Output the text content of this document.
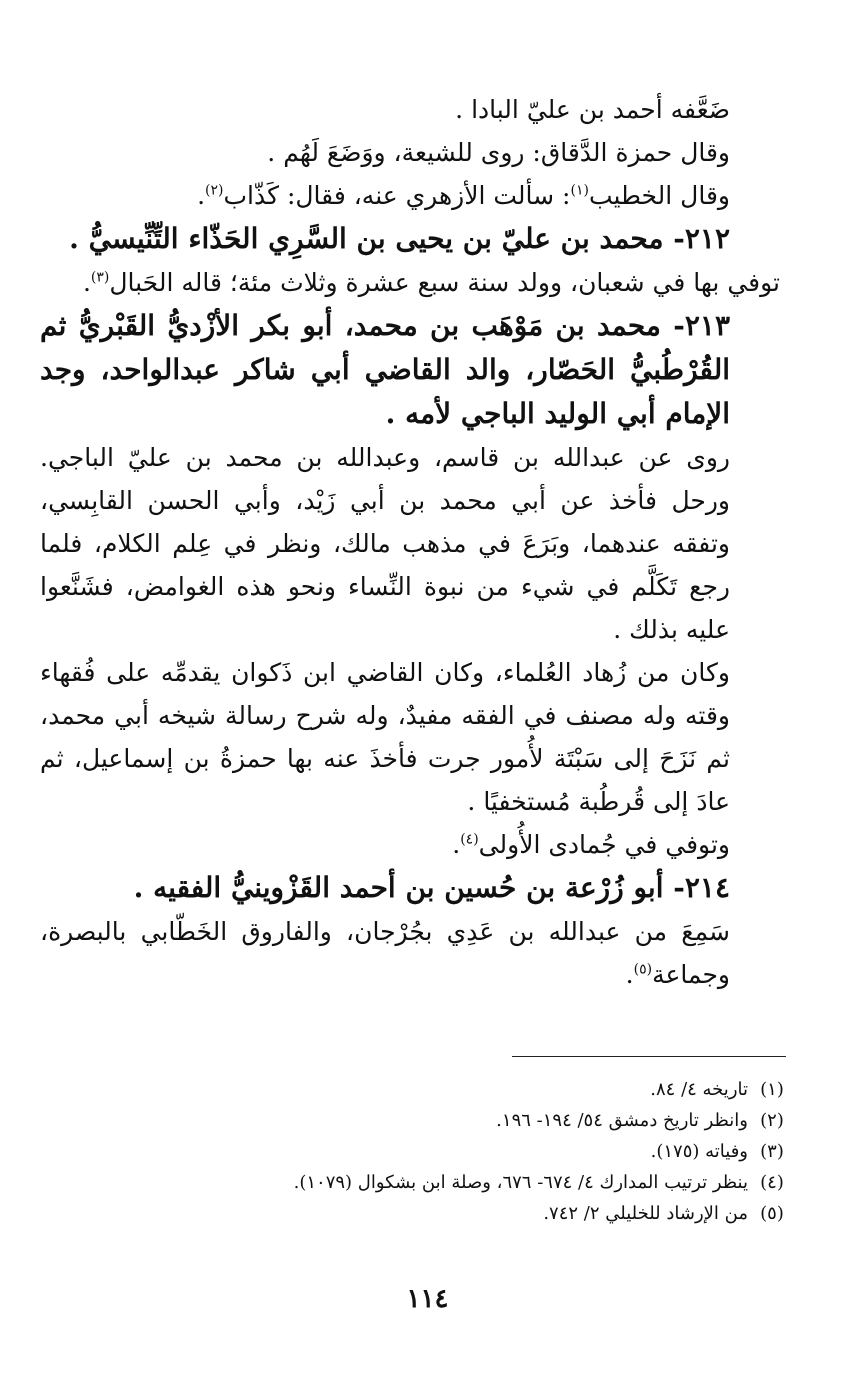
ضَعَّفه أحمد بن عليّ البادا .

وقال حمزة الدَّقاق: روى للشيعة، ووَضَعَ لَهُم .

وقال الخطيب$^{(١)}$: سألت الأزهري عنه، فقال: كَذّاب$^{(٢)}$.

٢١٢- محمد بن عليّ بن يحيى بن السَّرِي الحَذّاء التِّنِّيسيُّ .

توفي بها في شعبان، وولد سنة سبع عشرة وثلاث مئة؛ قاله الحَبال$^{(٣)}$.

٢١٣- محمد بن مَوْهَب بن محمد، أبو بكر الأزْديُّ القَبْريُّ ثم القُرْطُبيُّ الحَصّار، والد القاضي أبي شاكر عبدالواحد، وجد الإمام أبي الوليد الباجي لأمه .

روى عن عبدالله بن قاسم، وعبدالله بن محمد بن عليّ الباجي. ورحل فأخذ عن أبي محمد بن أبي زَيْد، وأبي الحسن القابِسي، وتفقه عندهما، وبَرَعَ في مذهب مالك، ونظر في عِلم الكلام، فلما رجع تَكَلَّم في شيء من نبوة النِّساء ونحو هذه الغوامض، فشَنَّعوا عليه بذلك .

وكان من زُهاد العُلماء، وكان القاضي ابن ذَكوان يقدمِّه على فُقهاء وقته وله مصنف في الفقه مفيدٌ، وله شرح رسالة شيخه أبي محمد، ثم نَزَحَ إلى سَبْتَة لأُمور جرت فأخذَ عنه بها حمزةُ بن إسماعيل، ثم عادَ إلى قُرطُبة مُستخفيًا .

وتوفي في جُمادى الأُولى$^{(٤)}$.

٢١٤- أبو زُرْعة بن حُسين بن أحمد القَزْوينيُّ الفقيه .

سَمِعَ من عبدالله بن عَدِي بجُرْجان، والفاروق الخَطّابي بالبصرة، وجماعة$^{(٥)}$.

(١)
تاريخه ٤/ ٨٤.

(٢)
وانظر تاريخ دمشق ٥٤/ ١٩٤- ١٩٦.

(٣)
وفياته (١٧٥).

(٤)
ينظر ترتيب المدارك ٤/ ٦٧٤- ٦٧٦، وصلة ابن بشكوال (١٠٧٩).

(٥)
من الإرشاد للخليلي ٢/ ٧٤٢.

١١٤
